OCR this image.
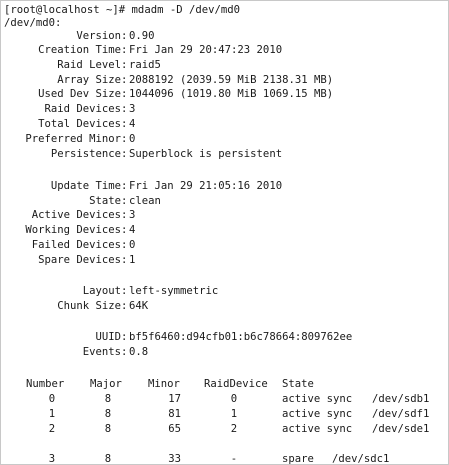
[root@localhost ~]# mdadm -D /dev/md0
/dev/md0:
Version : 0.90
Creation Time : Fri Jan 29 20:47:23 2010
Raid Level : raid5
Array Size : 2088192 (2039.59 MiB 2138.31 MB)
Used Dev Size : 1044096 (1019.80 MiB 1069.15 MB)
Raid Devices : 3
Total Devices : 4
Preferred Minor : 0
Persistence : Superblock is persistent
Update Time : Fri Jan 29 21:05:16 2010
State : clean
Active Devices : 3
Working Devices : 4
Failed Devices : 0
Spare Devices : 1
Layout : left-symmetric
Chunk Size : 64K
UUID : bf5f6460:d94cfb01:b6c78664:809762ee
Events : 0.8
Number	Major	Minor	RaidDevice	State
0	8	17	0	active sync	/dev/sdb1
1	8	81	1	active sync	/dev/sdf1
2	8	65	2	active sync	/dev/sde1
3	8	33	-	spare	/dev/sdc1
